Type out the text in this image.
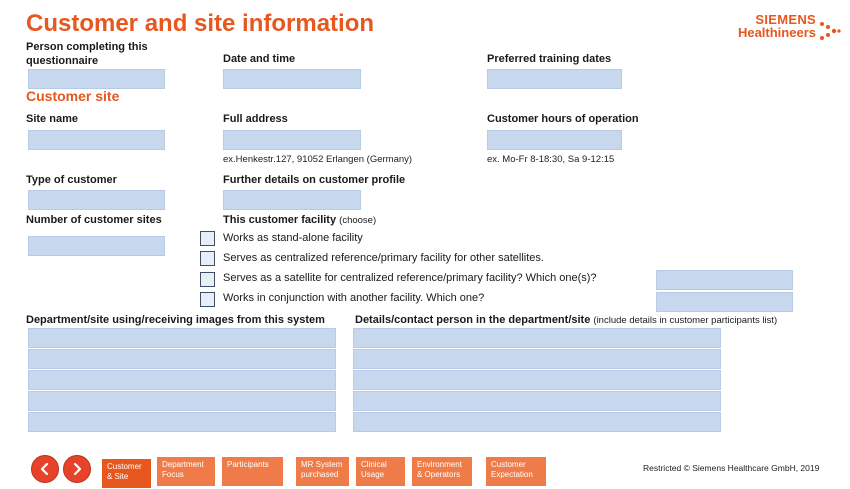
Customer and site information	SIEMENS
Healthineers
Person completing this questionnaire	Date and time	Preferred training dates
Customer site
Site name	Full address	Customer hours of operation
ex.Henkestr.127, 91052 Erlangen (Germany)	ex. Mo-Fr 8-18:30, Sa 9-12:15
Type of customer	Further details on customer profile
Number of customer sites	This customer facility (choose)
Works as stand-alone facility
Serves as centralized reference/primary facility for other satellites.
Serves as a satellite for centralized reference/primary facility? Which one(s)?
Works in conjunction with another facility. Which one?
Department/site using/receiving images from this system	Details/contact person in the department/site (include details in customer participants list)
Customer
& Site
Department
Focus
Participants	MR System
purchased
Clinical
Usage
Environment
& Operators
Customer
Expectation
Restricted © Siemens Healthcare GmbH, 2019
